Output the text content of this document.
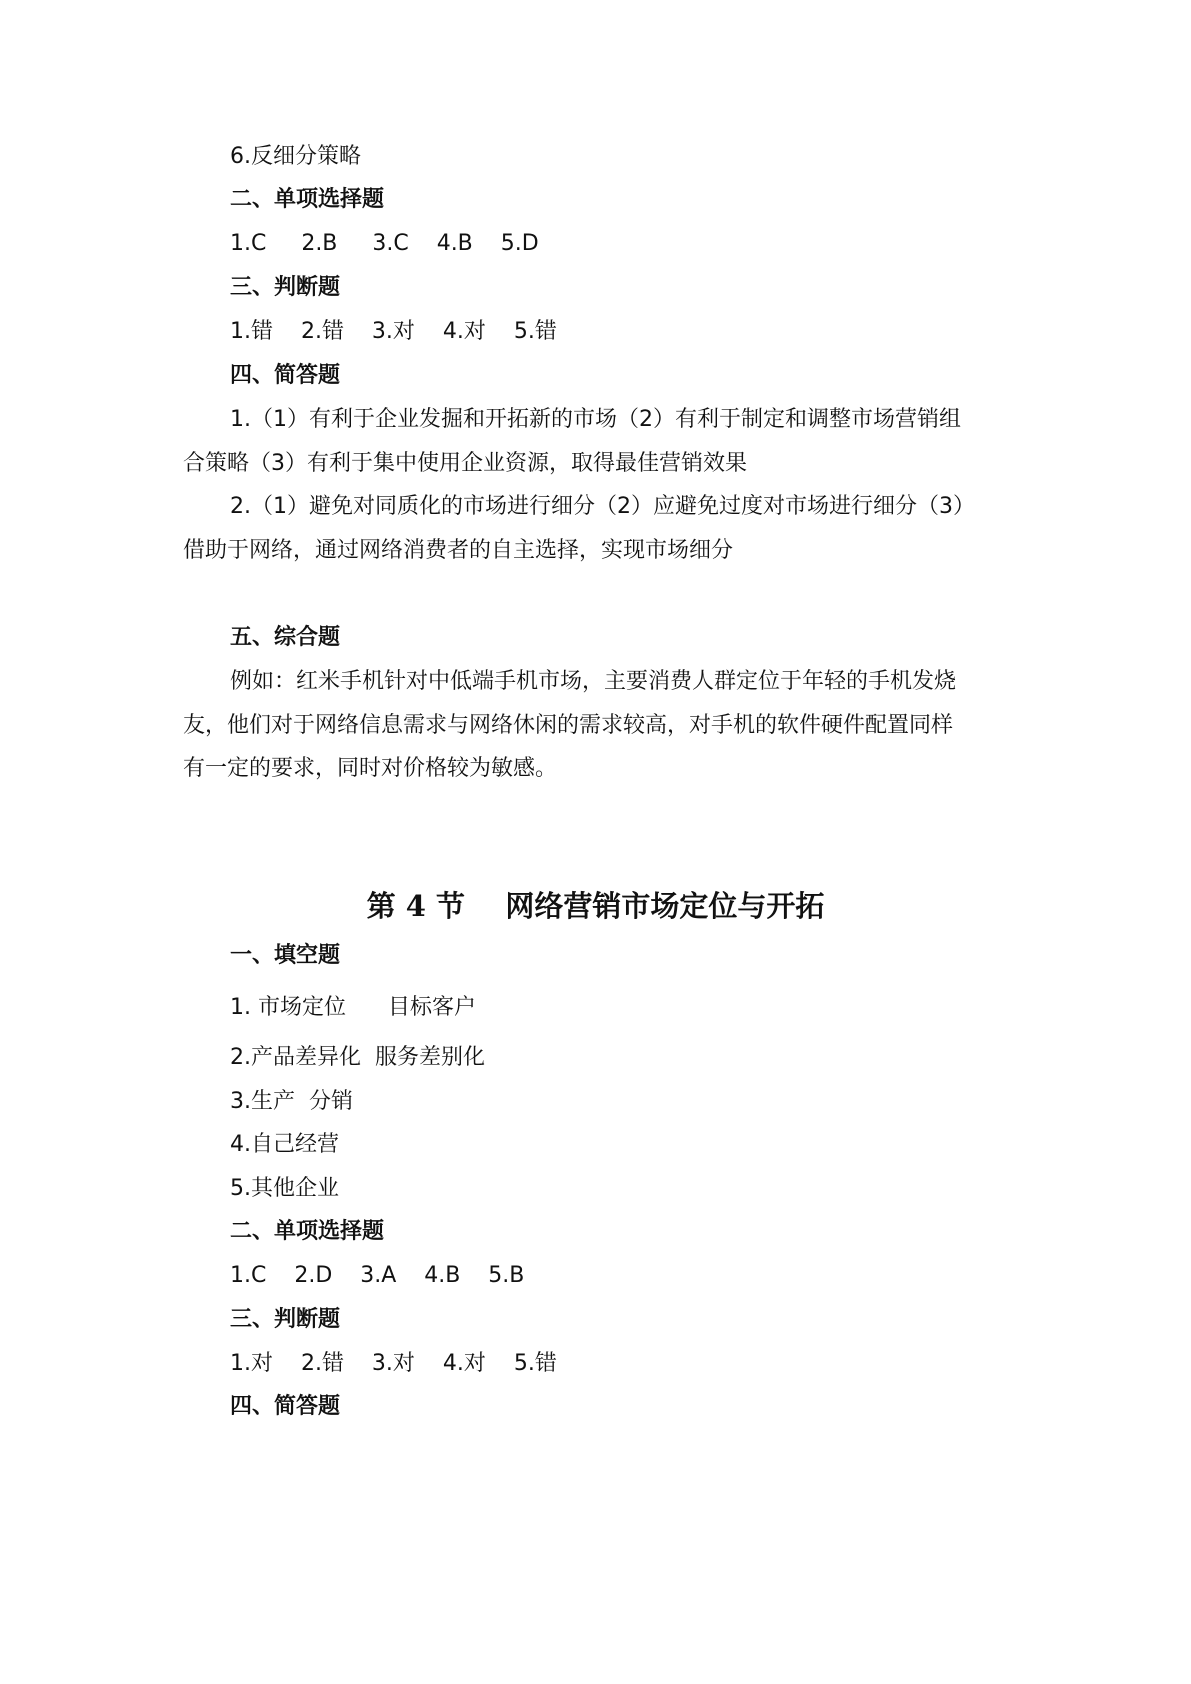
6.反细分策略
二、单项选择题
1.C     2.B     3.C    4.B    5.D
三、判断题
1.错    2.错    3.对    4.对    5.错
四、简答题
1.（1）有利于企业发掘和开拓新的市场（2）有利于制定和调整市场营销组
合策略（3）有利于集中使用企业资源，取得最佳营销效果
2.（1）避免对同质化的市场进行细分（2）应避免过度对市场进行细分（3）
借助于网络，通过网络消费者的自主选择，实现市场细分
五、综合题
例如：红米手机针对中低端手机市场，主要消费人群定位于年轻的手机发烧
友，他们对于网络信息需求与网络休闲的需求较高，对手机的软件硬件配置同样
有一定的要求，同时对价格较为敏感。
第 4 节    网络营销市场定位与开拓
一、填空题
1. 市场定位      目标客户
2.产品差异化  服务差别化
3.生产  分销
4.自己经营
5.其他企业
二、单项选择题
1.C    2.D    3.A    4.B    5.B
三、判断题
1.对    2.错    3.对    4.对    5.错
四、简答题
